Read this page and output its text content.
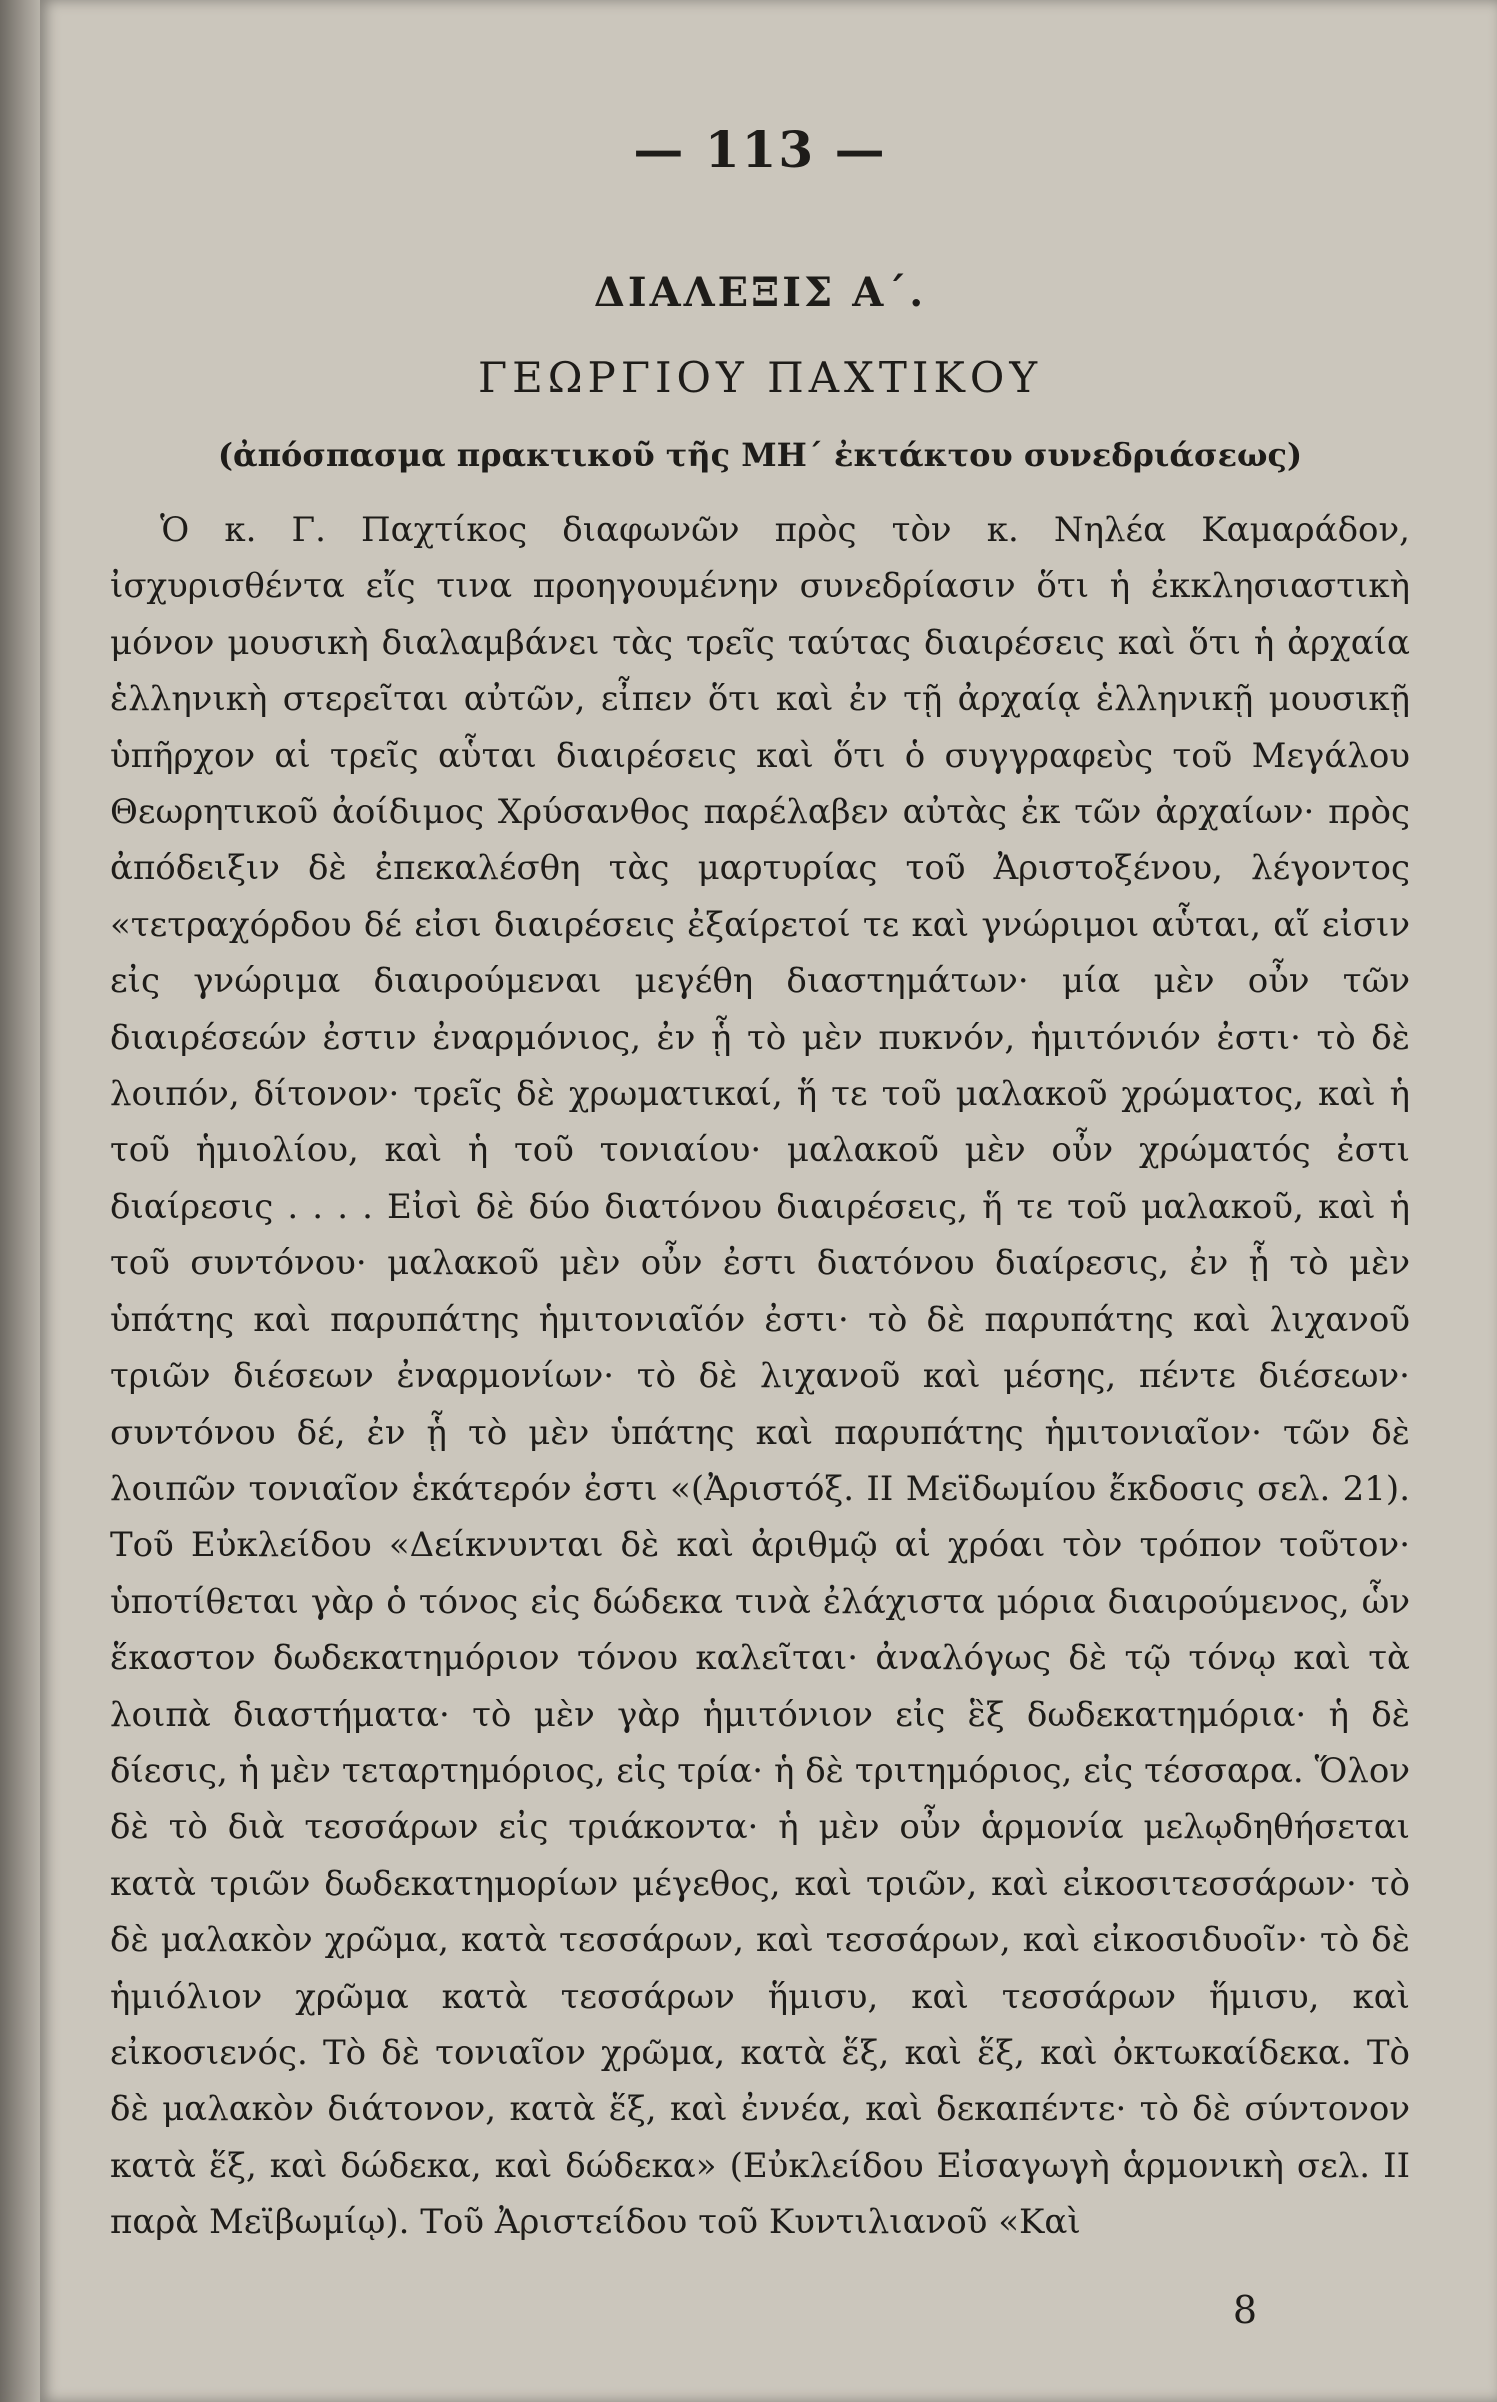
— 113 —
ΔΙΑΛΕΞΙΣ Α΄.
ΓΕΩΡΓΙΟΥ ΠΑΧΤΙΚΟΥ
(ἀπόσπασμα πρακτικοῦ τῆς ΜΗ΄ ἐκτάκτου συνεδριάσεως)

Ὁ κ. Γ. Παχτίκος διαφωνῶν πρὸς τὸν κ. Νηλέα Καμαράδον, ἰσχυρισθέντα εἴς τινα προηγουμένην συνεδρίασιν ὅτι ἡ ἐκκλησιαστικὴ μόνον μουσικὴ διαλαμβάνει τὰς τρεῖς ταύτας διαιρέσεις καὶ ὅτι ἡ ἀρχαία ἑλληνικὴ στερεῖται αὐτῶν, εἶπεν ὅτι καὶ ἐν τῇ ἀρχαίᾳ ἑλληνικῇ μουσικῇ ὑπῆρχον αἱ τρεῖς αὗται διαιρέσεις καὶ ὅτι ὁ συγγραφεὺς τοῦ Μεγάλου Θεωρητικοῦ ἀοίδιμος Χρύσανθος παρέλαβεν αὐτὰς ἐκ τῶν ἀρχαίων· πρὸς ἀπόδειξιν δὲ ἐπεκαλέσθη τὰς μαρτυρίας τοῦ Ἀριστοξένου, λέγοντος «τετραχόρδου δέ εἰσι διαιρέσεις ἐξαίρετοί τε καὶ γνώριμοι αὗται, αἵ εἰσιν εἰς γνώριμα διαιρούμεναι μεγέθη διαστημάτων· μία μὲν οὖν τῶν διαιρέσεών ἐστιν ἐναρμόνιος, ἐν ᾗ τὸ μὲν πυκνόν, ἡμιτόνιόν ἐστι· τὸ δὲ λοιπόν, δίτονον· τρεῖς δὲ χρωματικαί, ἥ τε τοῦ μαλακοῦ χρώματος, καὶ ἡ τοῦ ἡμιολίου, καὶ ἡ τοῦ τονιαίου· μαλακοῦ μὲν οὖν χρώματός ἐστι διαίρεσις . . . . Εἰσὶ δὲ δύο διατόνου διαιρέσεις, ἥ τε τοῦ μαλακοῦ, καὶ ἡ τοῦ συντόνου· μαλακοῦ μὲν οὖν ἐστι διατόνου διαίρεσις, ἐν ᾗ τὸ μὲν ὑπάτης καὶ παρυπάτης ἡμιτονιαῖόν ἐστι· τὸ δὲ παρυπάτης καὶ λιχανοῦ τριῶν διέσεων ἐναρμονίων· τὸ δὲ λιχανοῦ καὶ μέσης, πέντε διέσεων· συντόνου δέ, ἐν ᾗ τὸ μὲν ὑπάτης καὶ παρυπάτης ἡμιτονιαῖον· τῶν δὲ λοιπῶν τονιαῖον ἑκάτερόν ἐστι «(Ἀριστόξ. ΙΙ Μεϊδωμίου ἔκδοσις σελ. 21). Τοῦ Εὐκλείδου «Δείκνυνται δὲ καὶ ἀριθμῷ αἱ χρόαι τὸν τρόπον τοῦτον· ὑποτίθεται γὰρ ὁ τόνος εἰς δώδεκα τινὰ ἐλάχιστα μόρια διαιρούμενος, ὧν ἕκαστον δωδεκατημόριον τόνου καλεῖται· ἀναλόγως δὲ τῷ τόνῳ καὶ τὰ λοιπὰ διαστήματα· τὸ μὲν γὰρ ἡμιτόνιον εἰς ἓξ δωδεκατημόρια· ἡ δὲ δίεσις, ἡ μὲν τεταρτημόριος, εἰς τρία· ἡ δὲ τριτημόριος, εἰς τέσσαρα. Ὅλον δὲ τὸ διὰ τεσσάρων εἰς τριάκοντα· ἡ μὲν οὖν ἁρμονία μελῳδηθήσεται κατὰ τριῶν δωδεκατημορίων μέγεθος, καὶ τριῶν, καὶ εἰκοσιτεσσάρων· τὸ δὲ μαλακὸν χρῶμα, κατὰ τεσσάρων, καὶ τεσσάρων, καὶ εἰκοσιδυοῖν· τὸ δὲ ἡμιόλιον χρῶμα κατὰ τεσσάρων ἥμισυ, καὶ τεσσάρων ἥμισυ, καὶ εἰκοσιενός. Τὸ δὲ τονιαῖον χρῶμα, κατὰ ἕξ, καὶ ἕξ, καὶ ὀκτωκαίδεκα. Τὸ δὲ μαλακὸν διάτονον, κατὰ ἕξ, καὶ ἐννέα, καὶ δεκαπέντε· τὸ δὲ σύντονον κατὰ ἕξ, καὶ δώδεκα, καὶ δώδεκα» (Εὐκλείδου Εἰσαγωγὴ ἁρμονικὴ σελ. ΙΙ παρὰ Μεϊβωμίῳ). Τοῦ Ἀριστείδου τοῦ Κυντιλιανοῦ «Καὶ

8
